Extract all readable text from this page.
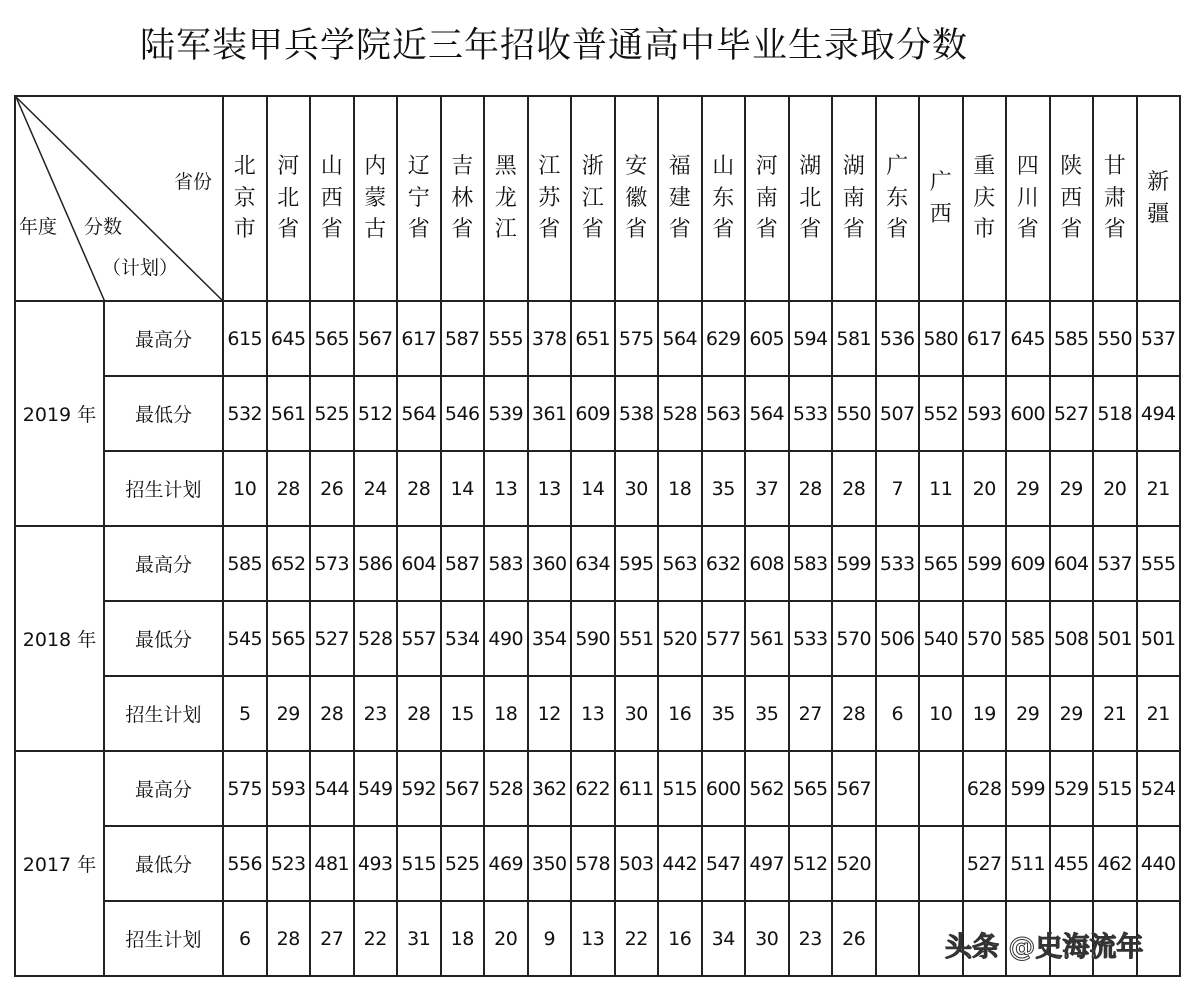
陆军装甲兵学院近三年招收普通高中毕业生录取分数
省份
年度 分数
（计划）		北京市	河北省	山西省	内蒙古	辽宁省	吉林省	黑龙江	江苏省	浙江省	安徽省	福建省	山东省	河南省	湖北省	湖南省	广东省	广西	重庆市	四川省	陕西省	甘肃省	新疆

2019 年	最高分	615	645	565	567	617	587	555	378	651	575	564	629	605	594	581	536	580	617	645	585	550	537
	最低分	532	561	525	512	564	546	539	361	609	538	528	563	564	533	550	507	552	593	600	527	518	494
	招生计划	10	28	26	24	28	14	13	13	14	30	18	35	37	28	28	7	11	20	29	29	20	21
2018 年	最高分	585	652	573	586	604	587	583	360	634	595	563	632	608	583	599	533	565	599	609	604	537	555
	最低分	545	565	527	528	557	534	490	354	590	551	520	577	561	533	570	506	540	570	585	508	501	501
	招生计划	5	29	28	23	28	15	18	12	13	30	16	35	35	27	28	6	10	19	29	29	21	21
2017 年	最高分	575	593	544	549	592	567	528	362	622	611	515	600	562	565	567			628	599	529	515	524
	最低分	556	523	481	493	515	525	469	350	578	503	442	547	497	512	520			527	511	455	462	440
	招生计划	6	28	27	22	31	18	20	9	13	22	16	34	30	23	26								头条 @史海流年
